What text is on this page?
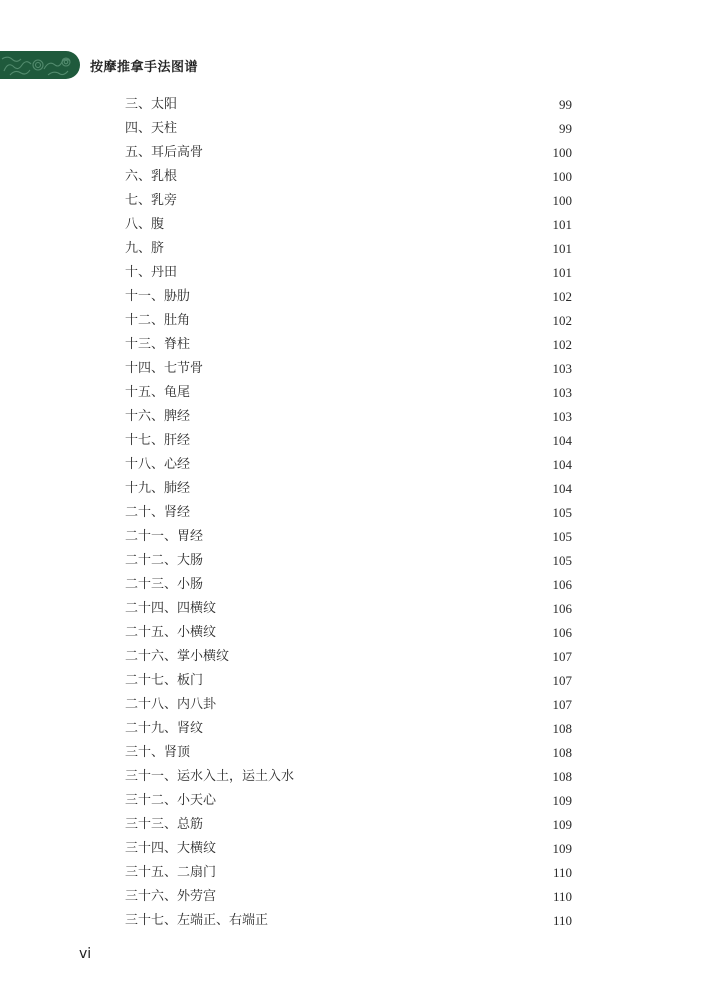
按摩推拿手法图谱
三、太阳	99
四、天柱	99
五、耳后高骨	100
六、乳根	100
七、乳旁	100
八、腹	101
九、脐	101
十、丹田	101
十一、胁肋	102
十二、肚角	102
十三、脊柱	102
十四、七节骨	103
十五、龟尾	103
十六、脾经	103
十七、肝经	104
十八、心经	104
十九、肺经	104
二十、肾经	105
二十一、胃经	105
二十二、大肠	105
二十三、小肠	106
二十四、四横纹	106
二十五、小横纹	106
二十六、掌小横纹	107
二十七、板门	107
二十八、内八卦	107
二十九、肾纹	108
三十、肾顶	108
三十一、运水入土，运土入水	108
三十二、小天心	109
三十三、总筋	109
三十四、大横纹	109
三十五、二扇门	110
三十六、外劳宫	110
三十七、左端正、右端正	110
vi
